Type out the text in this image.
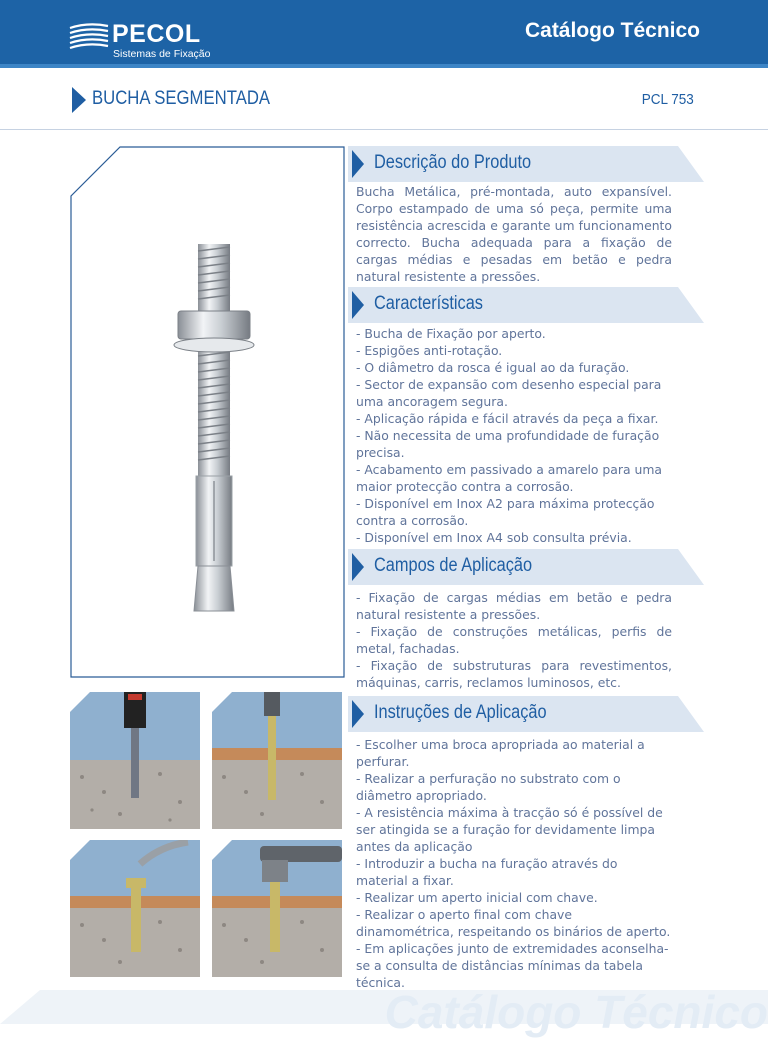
PECOL
Sistemas de Fixação
Catálogo Técnico
BUCHA SEGMENTADA	PCL 753
Descrição do Produto

Bucha Metálica, pré-montada, auto expansível. Corpo estampado de uma só peça, permite uma resistência acrescida e garante um funcionamento correcto. Bucha adequada para a fixação de cargas médias e pesadas em betão e pedra natural resistente a pressões.

Características

- Bucha de Fixação por aperto.

- Espigões anti-rotação.

- O diâmetro da rosca é igual ao da furação.

- Sector de expansão com desenho especial para uma ancoragem segura.

- Aplicação rápida e fácil através da peça a fixar.

- Não necessita de uma profundidade de furação precisa.

- Acabamento em passivado a amarelo para uma maior protecção contra a corrosão.

- Disponível em Inox A2 para máxima protecção contra a corrosão.

- Disponível em Inox A4 sob consulta prévia.

Campos de Aplicação

- Fixação de cargas médias em betão e pedra natural resistente a pressões.

- Fixação de construções metálicas, perfis de metal, fachadas.

- Fixação de substruturas para revestimentos, máquinas, carris, reclamos luminosos, etc.

Instruções de Aplicação

- Escolher uma broca apropriada ao material a perfurar.

- Realizar a perfuração no substrato com o diâmetro apropriado.

- A resistência máxima à tracção só é possível de ser atingida se a furação for devidamente limpa antes da aplicação

- Introduzir a bucha na furação através do material a fixar.

- Realizar um aperto inicial com chave.

- Realizar o aperto final com chave dinamométrica, respeitando os binários de aperto.

- Em aplicações junto de extremidades aconselha-se a consulta de distâncias mínimas da tabela técnica.

Catálogo Técnico
